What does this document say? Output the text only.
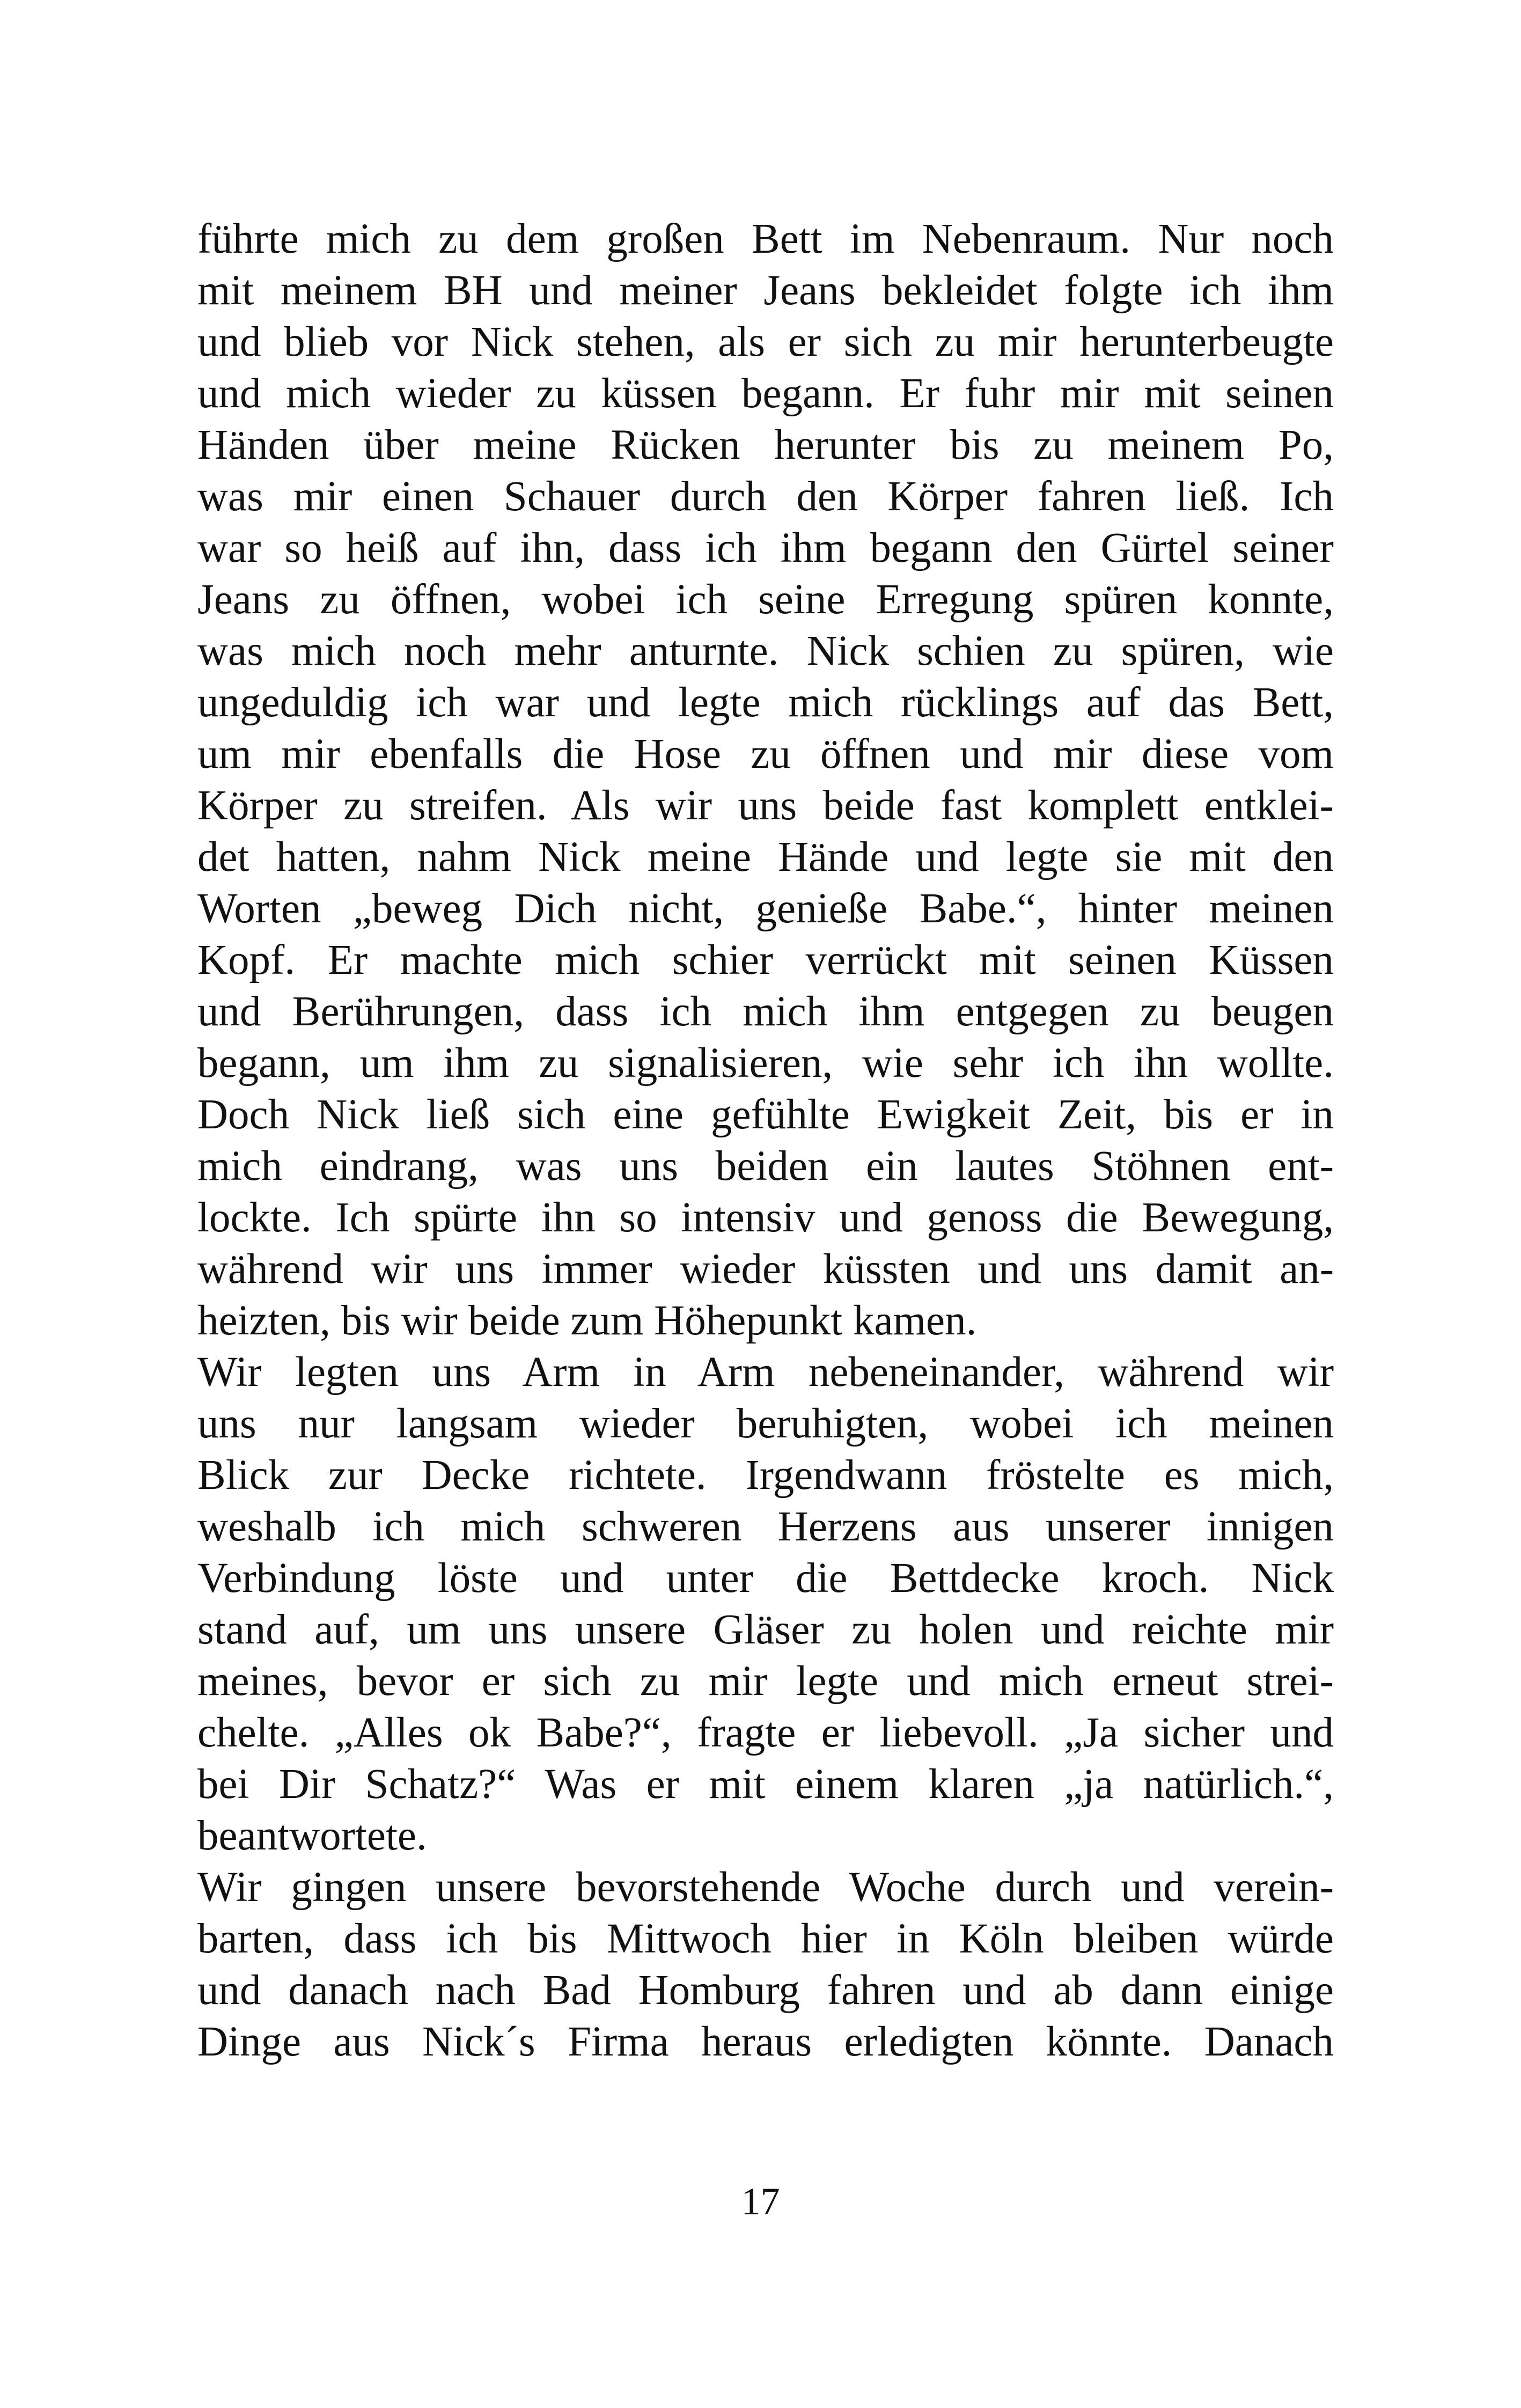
führte mich zu dem großen Bett im Nebenraum. Nur noch
mit meinem BH und meiner Jeans bekleidet folgte ich ihm
und blieb vor Nick stehen, als er sich zu mir herunterbeugte
und mich wieder zu küssen begann. Er fuhr mir mit seinen
Händen über meine Rücken herunter bis zu meinem Po,
was mir einen Schauer durch den Körper fahren ließ. Ich
war so heiß auf ihn, dass ich ihm begann den Gürtel seiner
Jeans zu öffnen, wobei ich seine Erregung spüren konnte,
was mich noch mehr anturnte. Nick schien zu spüren, wie
ungeduldig ich war und legte mich rücklings auf das Bett,
um mir ebenfalls die Hose zu öffnen und mir diese vom
Körper zu streifen. Als wir uns beide fast komplett entklei-
det hatten, nahm Nick meine Hände und legte sie mit den
Worten „beweg Dich nicht, genieße Babe.“, hinter meinen
Kopf. Er machte mich schier verrückt mit seinen Küssen
und Berührungen, dass ich mich ihm entgegen zu beugen
begann, um ihm zu signalisieren, wie sehr ich ihn wollte.
Doch Nick ließ sich eine gefühlte Ewigkeit Zeit, bis er in
mich eindrang, was uns beiden ein lautes Stöhnen ent-
lockte. Ich spürte ihn so intensiv und genoss die Bewegung,
während wir uns immer wieder küssten und uns damit an-
heizten, bis wir beide zum Höhepunkt kamen.
Wir legten uns Arm in Arm nebeneinander, während wir
uns nur langsam wieder beruhigten, wobei ich meinen
Blick zur Decke richtete. Irgendwann fröstelte es mich,
weshalb ich mich schweren Herzens aus unserer innigen
Verbindung löste und unter die Bettdecke kroch. Nick
stand auf, um uns unsere Gläser zu holen und reichte mir
meines, bevor er sich zu mir legte und mich erneut strei-
chelte. „Alles ok Babe?“, fragte er liebevoll. „Ja sicher und
bei Dir Schatz?“ Was er mit einem klaren „ja natürlich.“,
beantwortete.
Wir gingen unsere bevorstehende Woche durch und verein-
barten, dass ich bis Mittwoch hier in Köln bleiben würde
und danach nach Bad Homburg fahren und ab dann einige
Dinge aus Nick´s Firma heraus erledigten könnte. Danach
17
